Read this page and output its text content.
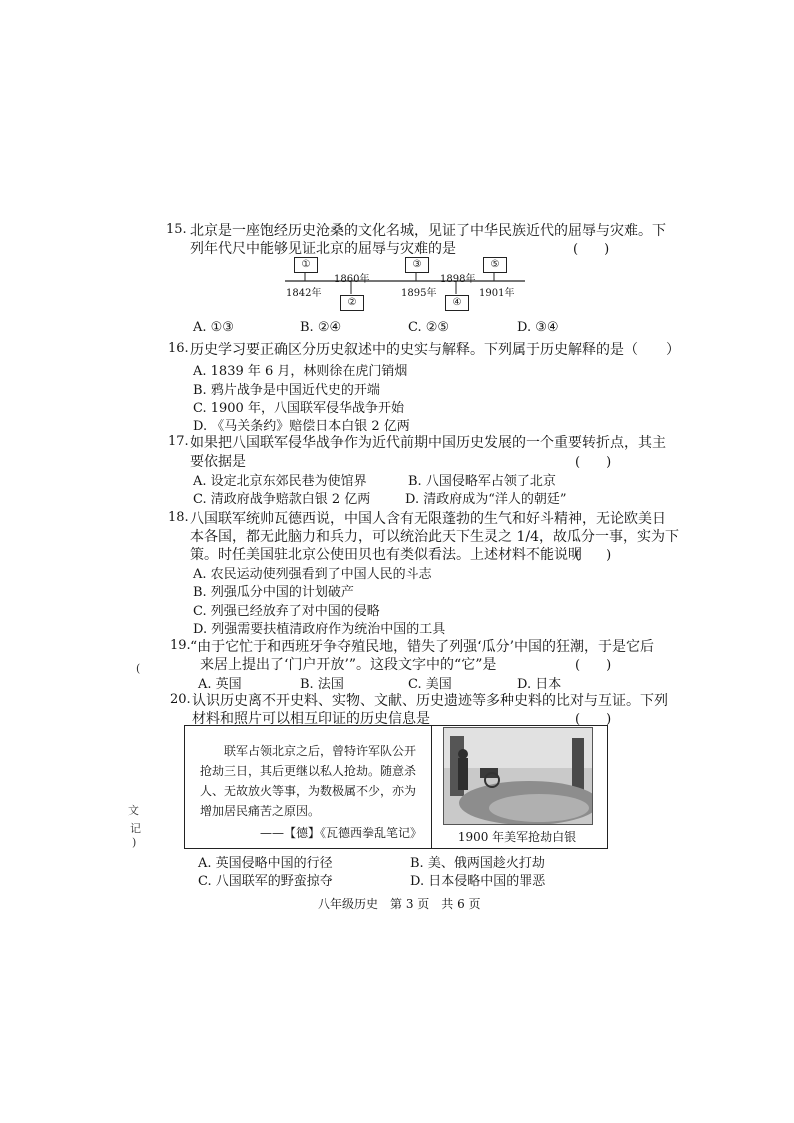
15. 北京是一座饱经历史沧桑的文化名城，见证了中华民族近代的屈辱与灾难。下
列年代尺中能够见证北京的屈辱与灾难的是	(　　)
①
②
③
④
⑤
1842年
1860年
1895年
1898年
1901年
A. ①③	B. ②④	C. ②⑤	D. ③④
16. 历史学习要正确区分历史叙述中的史实与解释。下列属于历史解释的是（　　）
A. 1839 年 6 月，林则徐在虎门销烟
B. 鸦片战争是中国近代史的开端
C. 1900 年，八国联军侵华战争开始
D. 《马关条约》赔偿日本白银 2 亿两
17. 如果把八国联军侵华战争作为近代前期中国历史发展的一个重要转折点，其主
要依据是	(　　)
A. 设定北京东郊民巷为使馆界	B. 八国侵略军占领了北京
C. 清政府战争赔款白银 2 亿两	D. 清政府成为“洋人的朝廷”
18. 八国联军统帅瓦德西说，中国人含有无限蓬勃的生气和好斗精神，无论欧美日
本各国，都无此脑力和兵力，可以统治此天下生灵之 1/4，故瓜分一事，实为下
策。时任美国驻北京公使田贝也有类似看法。上述材料不能说明
(　　)
A. 农民运动使列强看到了中国人民的斗志
B. 列强瓜分中国的计划破产
C. 列强已经放弃了对中国的侵略
D. 列强需要扶植清政府作为统治中国的工具
19. “由于它忙于和西班牙争夺殖民地，错失了列强‘瓜分’中国的狂潮，于是它后
来居上提出了‘门户开放’”。这段文字中的“它”是	(　　)
A. 英国	B. 法国	C. 美国	D. 日本
20. 认识历史离不开史料、实物、文献、历史遗迹等多种史料的比对与互证。下列
材料和照片可以相互印证的历史信息是	(　　)
联军占领北京之后，曾特许军队公开抢劫三日，其后更继以私人抢劫。随意杀人、无故放火等事，为数极属不少，亦为增加居民痛苦之原因。
——【德】《瓦德西拳乱笔记》	1900 年美军抢劫白银
A. 英国侵略中国的行径	B. 美、俄两国趁火打劫
C. 八国联军的野蛮掠夺	D. 日本侵略中国的罪恶
八年级历史　第 3 页　共 6 页
(
文
记
)
